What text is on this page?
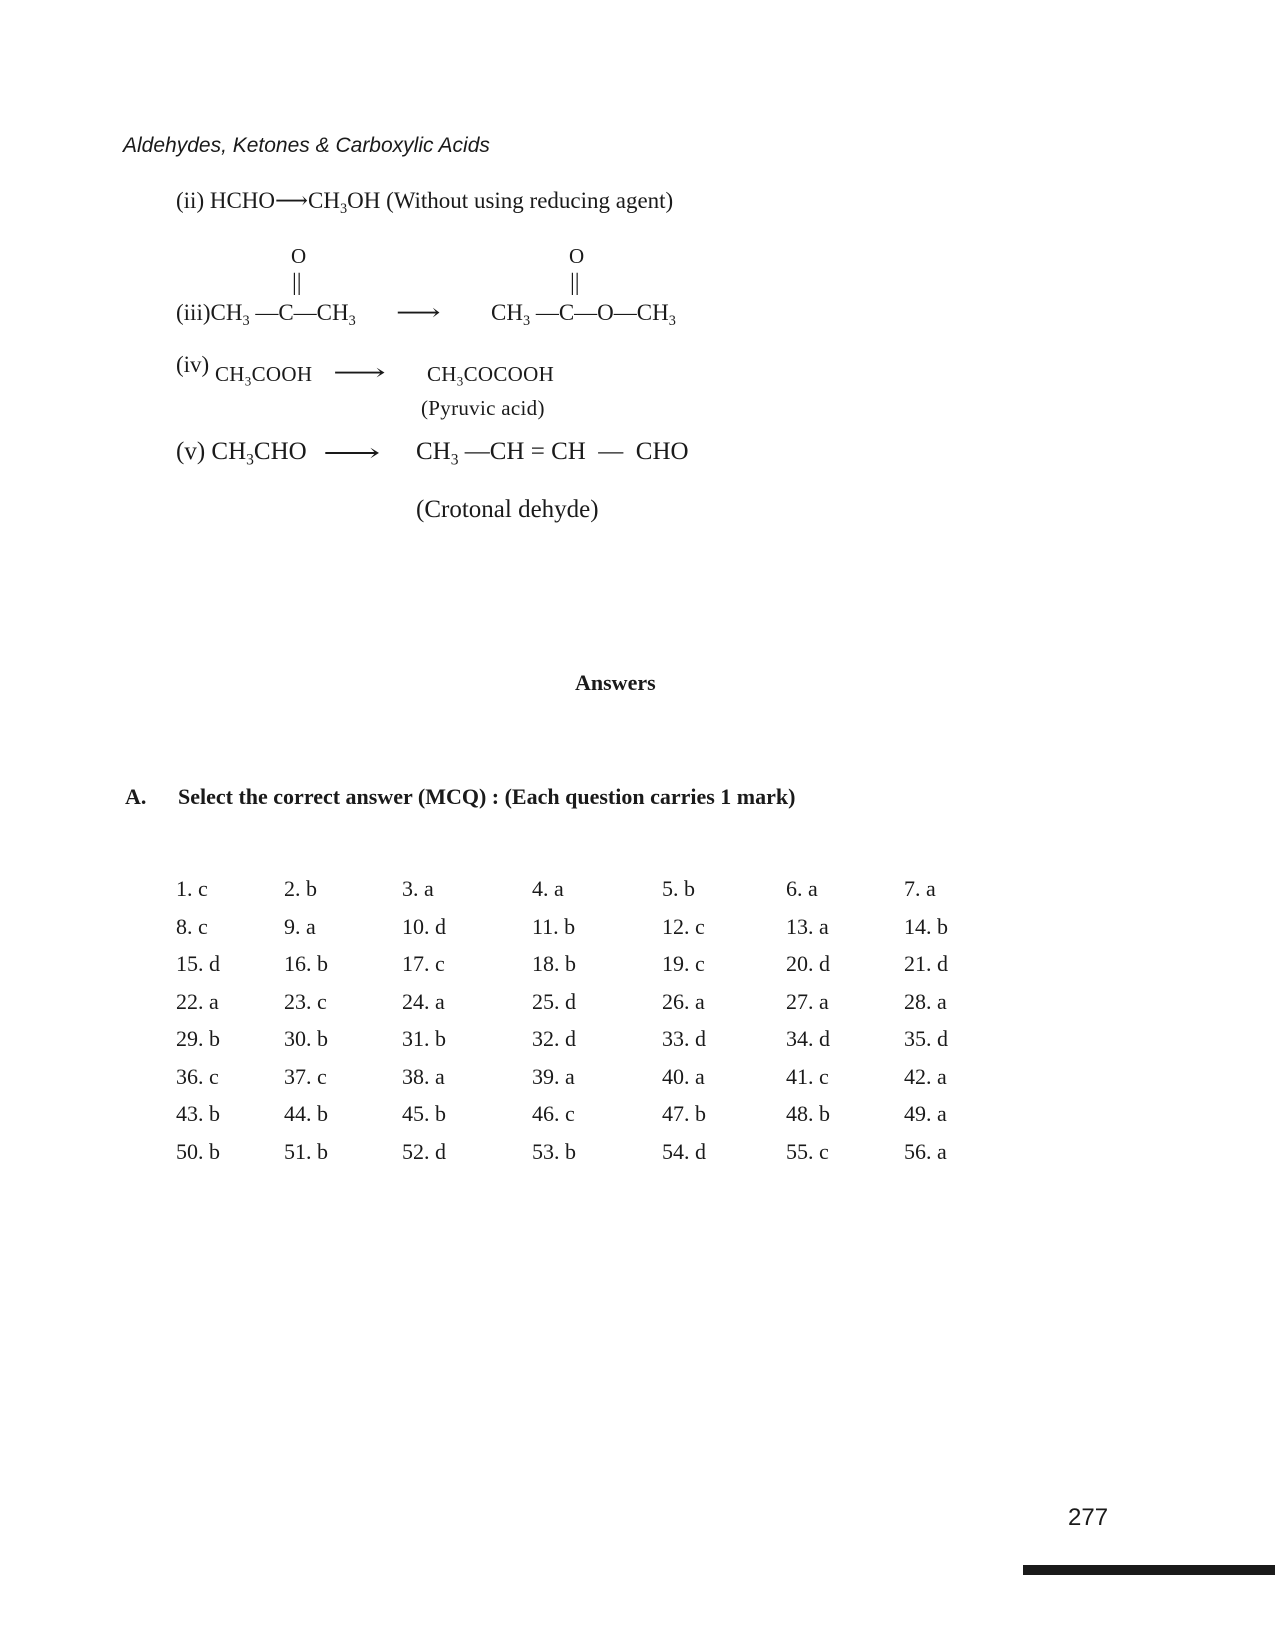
Aldehydes, Ketones & Carboxylic Acids
(ii) $HCHO⟶CH_3OH$ (Without using reducing agent)
O
||
O
||
$(iii)CH_3$ $—C—CH_3$ ⟶ $CH_3$ $—C—O—CH_3$
(iv) $CH_3COOH$ ⟶ $CH_3COCOOH$
(Pyruvic acid)
(v) $CH_3CHO$ ⟶ $CH_3$ —CH = CH  —  CHO
(Crotonal dehyde)
Answers
A. Select the correct answer (MCQ) : (Each question carries 1 mark)
1. c	2. b	3. a	4. a	5. b	6. a	7. a
8. c	9. a	10. d	11. b	12. c	13. a	14. b
15. d	16. b	17. c	18. b	19. c	20. d	21. d
22. a	23. c	24. a	25. d	26. a	27. a	28. a
29. b	30. b	31. b	32. d	33. d	34. d	35. d
36. c	37. c	38. a	39. a	40. a	41. c	42. a
43. b	44. b	45. b	46. c	47. b	48. b	49. a
50. b	51. b	52. d	53. b	54. d	55. c	56. a
277
